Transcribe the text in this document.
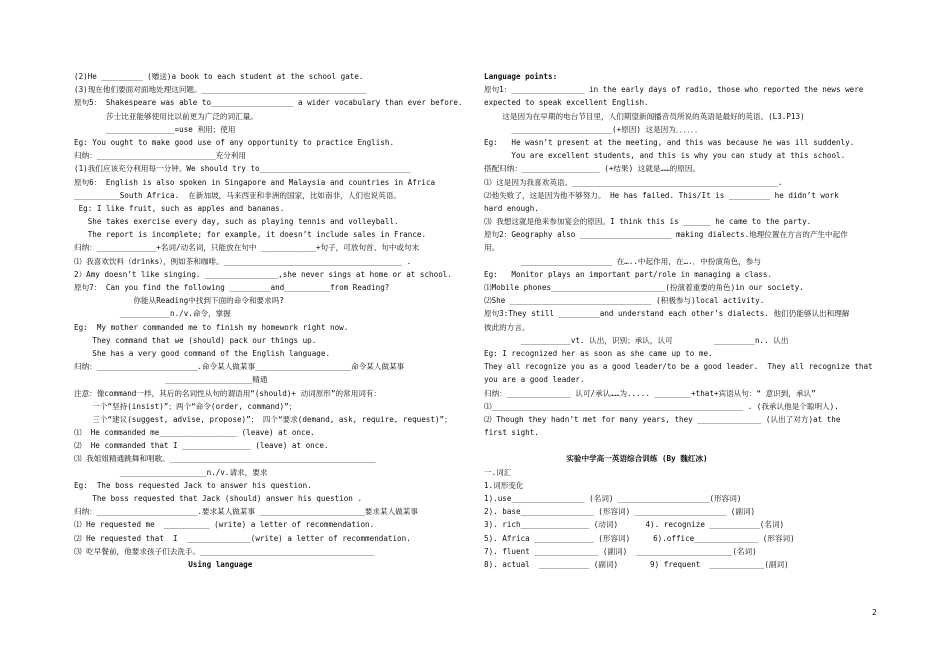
(2)He _________ (赠送)a book to each student at the school gate.
(3)现在他们要面对面地处理这问题。____________________________________
原句5： Shakespeare was able to__________________ a wider vocabulary than ever before.
莎士比亚能够使用比以前更为广泛的词汇量。
_______________=use 利用；使用
Eg: You ought to make good use of any opportunity to practice English.
归纳：__________________________充分利用
(1)我们应该充分利用每一分钟。We should try to_________________________________
原句6： English is also spoken in Singapore and Malaysia and countries in Africa
__________South Africa.  在新加坡，马来西亚和非洲的国家，比如南非，人们也说英语。
Eg: I like fruit, such as apples and bananas.
She takes exercise every day, such as playing tennis and volleyball.
The report is incomplete; for example, it doesn’t include sales in France.
归纳：_____________+名词/动名词，只能放在句中 ____________+句子，可放句首、句中或句末
⑴ 我喜欢饮料（drinks），例如茶和咖啡。_______________________________________ .
2）Amy doesn’t like singing. ________________,she never sings at home or at school.
原句7： Can you find the following _________and__________from Reading?
你能从Reading中找到下面的命令和要求吗?
___________n./v.命令，掌握
Eg:  My mother commanded me to finish my homework right now.
They command that we (should) pack our things up.
She has a very good command of the English language.
归纳：______________________.命令某人做某事_____________________命令某人做某事
___________________精通
注意：像command一样，其后的名词性从句的谓语用“(should)+ 动词原形”的常用词有：
一个“坚持(insist)”；两个“命令(order, command)”；
三个“建议(suggest, advise, propose)”； 四个“要求(demand, ask, require, request)”；
⑴  He commanded me_________________ (leave) at once.
⑵  He commanded that I _______________ (leave) at once.
⑶ 我姐姐精通跳舞和唱歌。_____________________________________________
___________________n./v.请求，要求
Eg:  The boss requested Jack to answer his question.
The boss requested that Jack (should) answer his question .
归纳：______________________.要求某人做某事 _______________________要求某人做某事
⑴ He requested me  __________ (write) a letter of recommendation.
⑵ He requested that  I  ______________(write) a letter of recommendation.
⑶ 吃早餐前，他要求孩子们去洗手。______________________________________
Using language
Language points:
原句1：________________ in the early days of radio, those who reported the news were
expected to speak excellent English.
这是因为在早期的电台节目里，人们期望新闻播音员所说的英语是最好的英语。(L3.P13)
______________________(+原因) 这是因为．．．．．．
Eg:   He wasn’t present at the meeting, and this was because he was ill suddenly.
You are excellent students, and this is why you can study at this school.
搭配归纳：_________________ (+结果) 这就是……的原因。
⑴ 这是因为我喜欢英语。_____________________________________________.
⑵他失败了，这是因为他不够努力。 He has failed. This/It is _________ he didn’t work
hard enough.
⑶ 我想这就是他来参加宴会的原因。I think this is ______ he came to the party.
原句2：Geography also ____________________ making dialects.地理位置在方言的产生中起作
用。
____________________ 在…..中起作用，在….．中扮演角色，参与
Eg:   Monitor plays an important part/role in managing a class.
⑴Mobile phones_________________________(扮演着重要的角色)in our society.
⑵She _______________________________ (积极参与)local activity.
原句3:They still _________and understand each other’s dialects. 他们仍能够认出和理解
彼此的方言。
___________vt. 认出，识别；承认，认可         _________n.. 认出
Eg: I recognized her as soon as she came up to me.
They all recognize you as a good leader/to be a good leader.  They all recognize that
you are a good leader.
归纳：______________ 认可/承认……为..... ________+that+宾语从句：“ 意识到，承认”
⑴_______________________________________________________ . (我承认他是个聪明人).
⑵ Though they hadn’t met for many years, they ______________ (认出了对方)at the
first sight.
实验中学高一英语综合训练 (By 魏红冰)
一.词汇
1.词形变化
1).use________________ (名词) ____________________(形容词)
2). base________________ (形容词) ____________________ (副词)
3). rich_______________ (动词)      4). recognize ___________(名词)
5). Africa _____________ (形容词)     6).office______________ (形容词)
7). fluent ______________ (副词)  _____________________(名词)
8). actual  ___________ (副词)       9) frequent  ____________(副词)
2
